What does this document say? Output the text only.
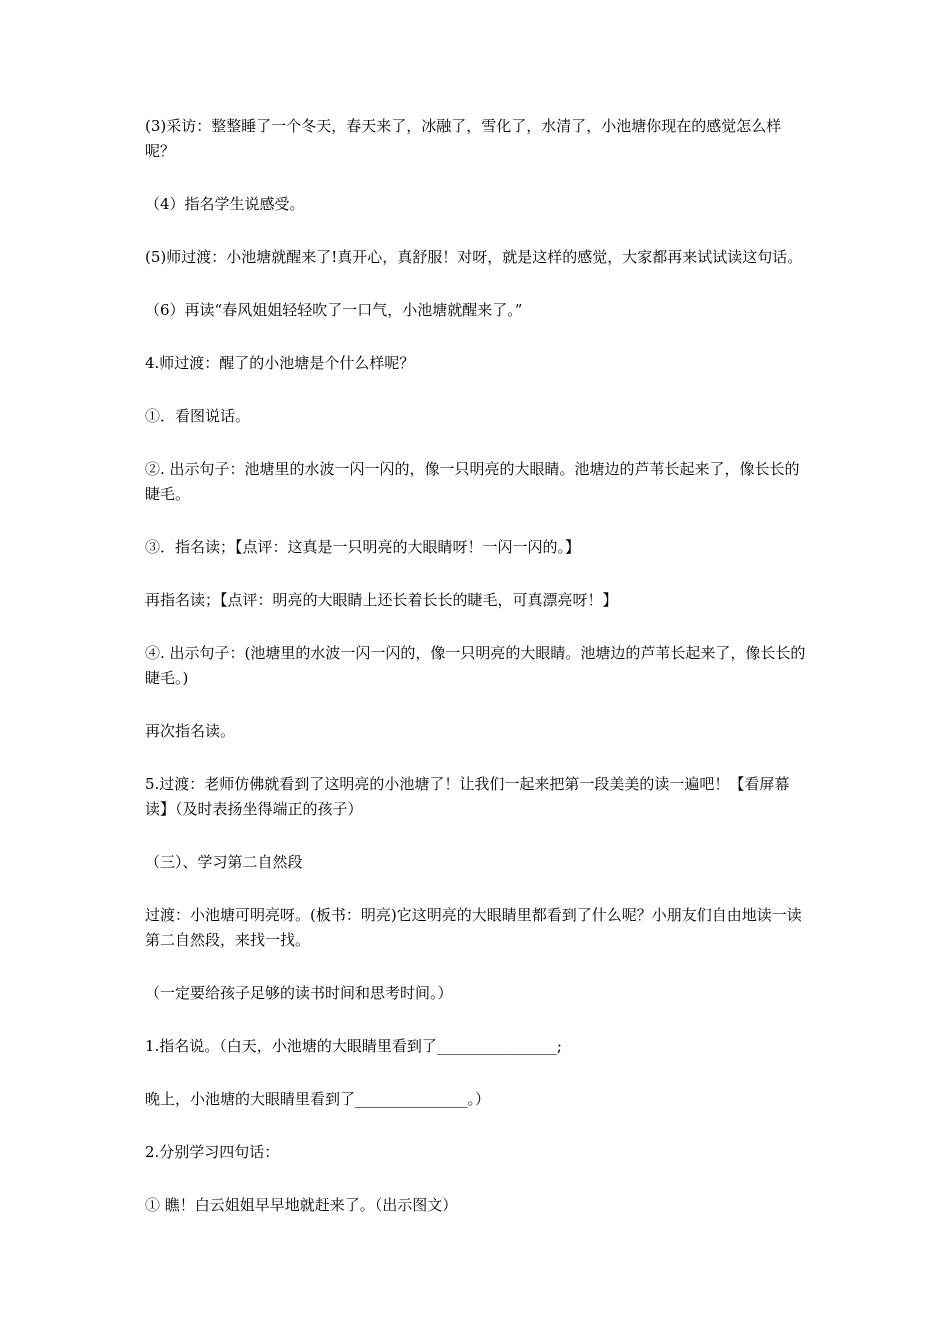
(3)采访：整整睡了一个冬天，春天来了，冰融了，雪化了，水清了，小池塘你现在的感觉怎么样呢？

（4）指名学生说感受。

(5)师过渡：小池塘就醒来了!真开心，真舒服！对呀，就是这样的感觉，大家都再来试试读这句话。

（6）再读“春风姐姐轻轻吹了一口气，小池塘就醒来了。”

4.师过渡：醒了的小池塘是个什么样呢？

①．看图说话。

②. 出示句子：池塘里的水波一闪一闪的，像一只明亮的大眼睛。池塘边的芦苇长起来了，像长长的睫毛。

③．指名读；【点评：这真是一只明亮的大眼睛呀！一闪一闪的。】

再指名读；【点评：明亮的大眼睛上还长着长长的睫毛，可真漂亮呀！】

④. 出示句子：(池塘里的水波一闪一闪的，像一只明亮的大眼睛。池塘边的芦苇长起来了，像长长的睫毛。)

再次指名读。

5.过渡：老师仿佛就看到了这明亮的小池塘了！让我们一起来把第一段美美的读一遍吧！【看屏幕读】（及时表扬坐得端正的孩子）

（三）、学习第二自然段

过渡：小池塘可明亮呀。(板书：明亮)它这明亮的大眼睛里都看到了什么呢？小朋友们自由地读一读第二自然段，来找一找。

（一定要给孩子足够的读书时间和思考时间。）

1.指名说。（白天，小池塘的大眼睛里看到了________________;

晚上，小池塘的大眼睛里看到了_______________。）

2.分别学习四句话：

① 瞧！白云姐姐早早地就赶来了。（出示图文）
